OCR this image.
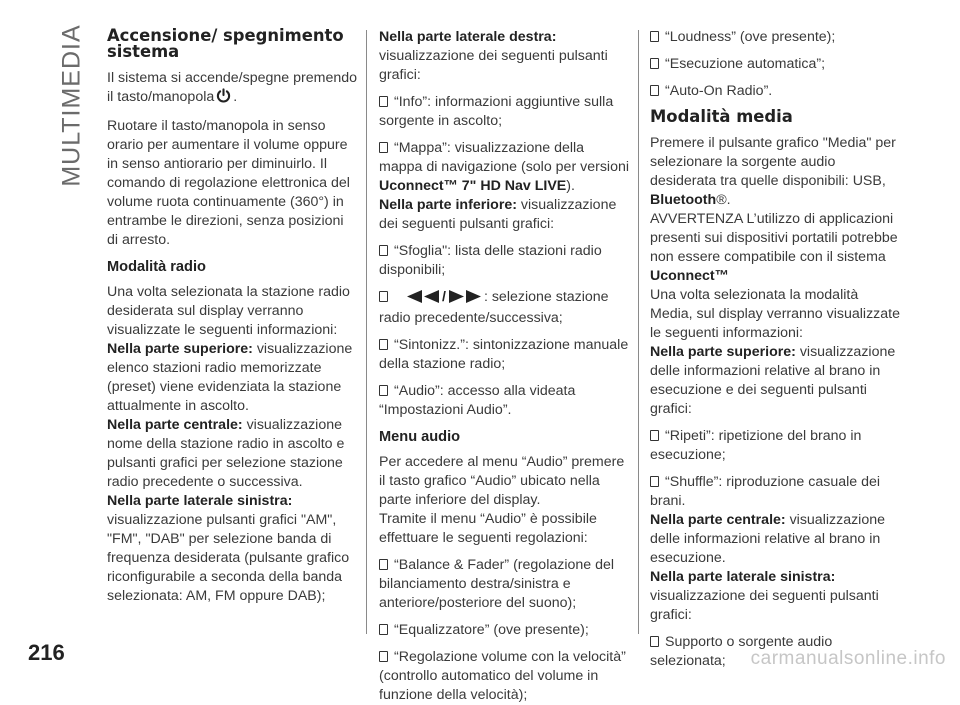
MULTIMEDIA
216	carmanualsonline.info
Accensione/ spegnimento sistema

Il sistema si accende/spegne premendo il tasto/manopola .

Ruotare il tasto/manopola in senso orario per aumentare il volume oppure in senso antiorario per diminuirlo. Il comando di regolazione elettronica del volume ruota continuamente (360°) in entrambe le direzioni, senza posizioni di arresto.

Modalità radio

Una volta selezionata la stazione radio desiderata sul display verranno visualizzate le seguenti informazioni:

Nella parte superiore: visualizzazione elenco stazioni radio memorizzate (preset) viene evidenziata la stazione attualmente in ascolto.

Nella parte centrale: visualizzazione nome della stazione radio in ascolto e pulsanti grafici per selezione stazione radio precedente o successiva.

Nella parte laterale sinistra:

visualizzazione pulsanti grafici "AM", "FM", "DAB" per selezione banda di frequenza desiderata (pulsante grafico riconfigurabile a seconda della banda selezionata: AM, FM oppure DAB);

Nella parte laterale destra:

visualizzazione dei seguenti pulsanti grafici:

“Info”: informazioni aggiuntive sulla sorgente in ascolto;

“Mappa”: visualizzazione della mappa di navigazione (solo per versioni Uconnect™ 7" HD Nav LIVE).

Nella parte inferiore: visualizzazione dei seguenti pulsanti grafici:

“Sfoglia": lista delle stazioni radio disponibili;

/	: selezione stazione radio precedente/successiva;

“Sintonizz.”: sintonizzazione manuale della stazione radio;

“Audio”: accesso alla videata “Impostazioni Audio”.

Menu audio

Per accedere al menu “Audio” premere il tasto grafico “Audio” ubicato nella parte inferiore del display.

Tramite il menu “Audio” è possibile effettuare le seguenti regolazioni:

“Balance & Fader” (regolazione del bilanciamento destra/sinistra e anteriore/posteriore del suono);

“Equalizzatore” (ove presente);

“Regolazione volume con la velocità” (controllo automatico del volume in funzione della velocità);

“Loudness” (ove presente);

“Esecuzione automatica”;

“Auto-On Radio”.

Modalità media

Premere il pulsante grafico "Media" per selezionare la sorgente audio desiderata tra quelle disponibili: USB,

Bluetooth®.

AVVERTENZA L’utilizzo di applicazioni presenti sui dispositivi portatili potrebbe non essere compatibile con il sistema

Uconnect™

Una volta selezionata la modalità Media, sul display verranno visualizzate le seguenti informazioni:

Nella parte superiore: visualizzazione delle informazioni relative al brano in esecuzione e dei seguenti pulsanti grafici:

“Ripeti”: ripetizione del brano in esecuzione;

“Shuffle”: riproduzione casuale dei brani.

Nella parte centrale: visualizzazione delle informazioni relative al brano in esecuzione.

Nella parte laterale sinistra:

visualizzazione dei seguenti pulsanti grafici:

Supporto o sorgente audio selezionata;
